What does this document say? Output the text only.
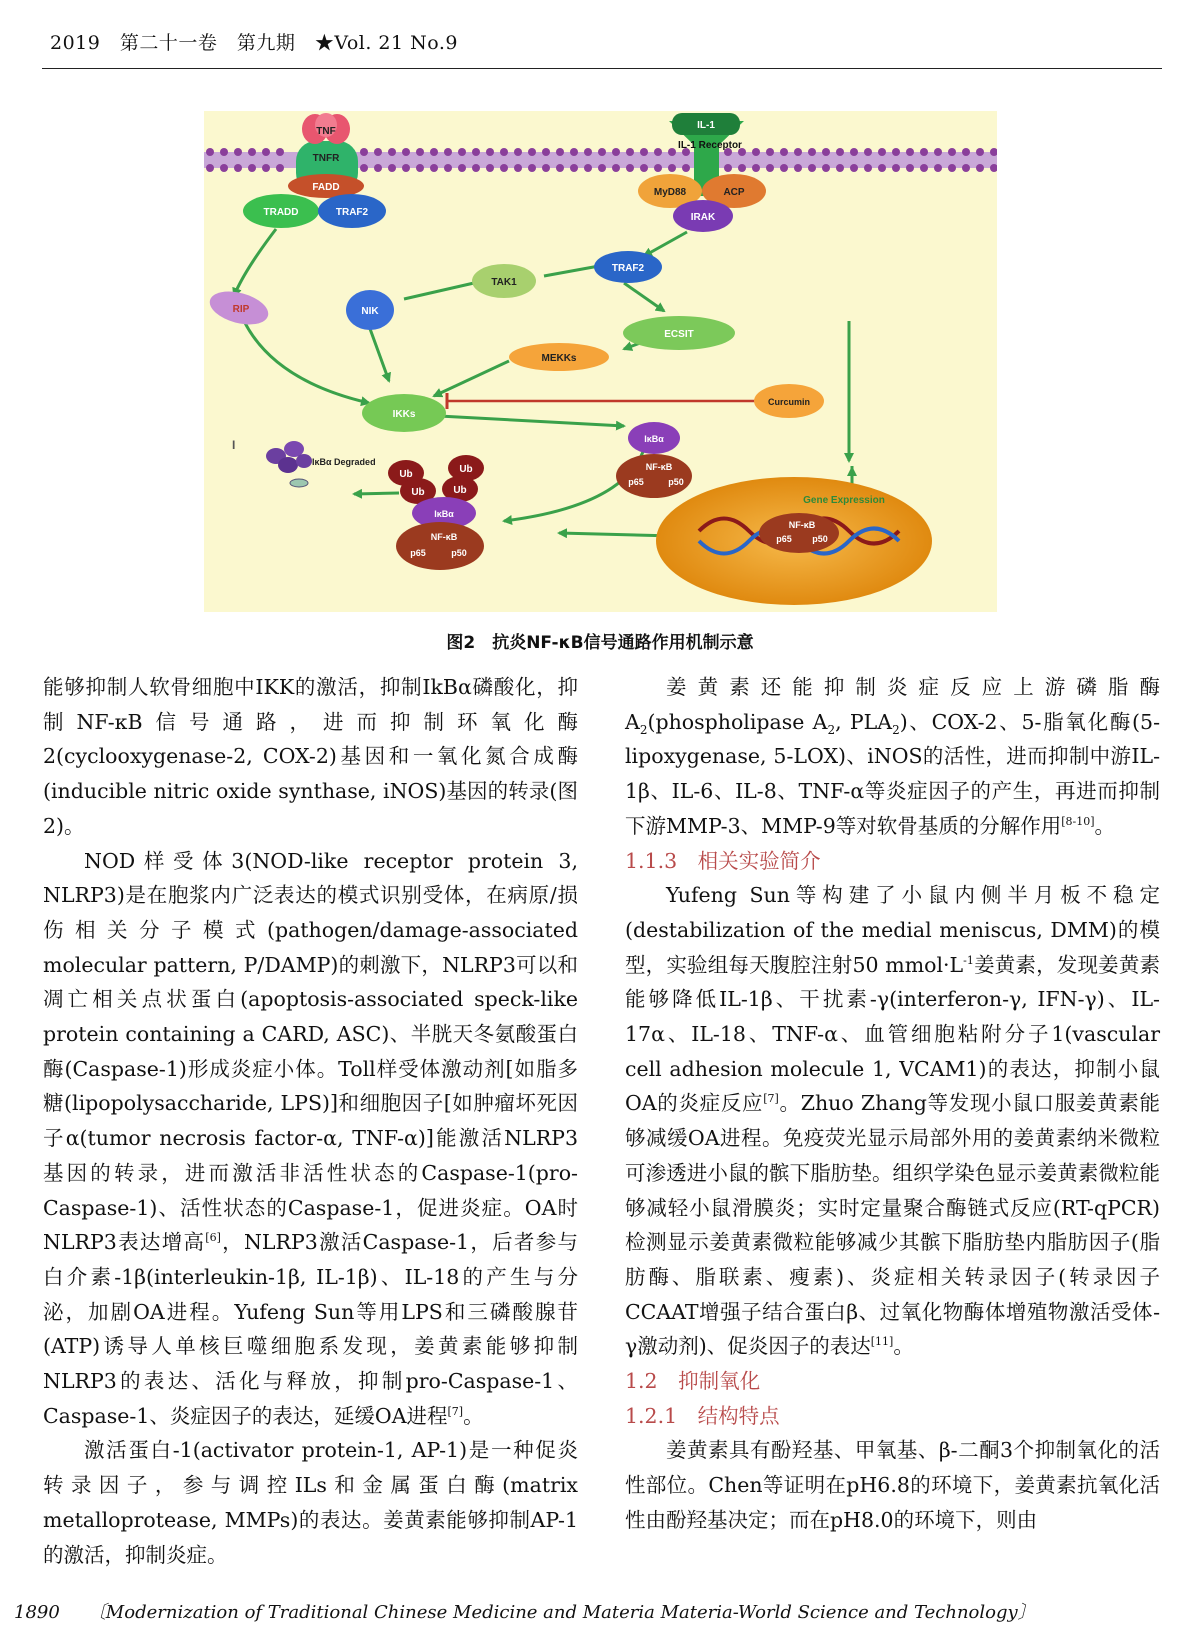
2019　第二十一卷　第九期　★Vol. 21 No.9
TNF
TNFR
FADD
TRADD	TRAF2
IL-1
IL-1 Receptor
MyD88	ACP
IRAK
RIP
TAK1
TRAF2
NIK
ECSIT
MEKKs
IKKs
Curcumin
I	IκBα
NF-κB
p65	p50
IκBα Degraded
Ub	Ub
Ub	Ub
IκBα
NF-κB
p65	p50
Gene Expression
NF-κB
p65 p50
图2　抗炎NF-κB信号通路作用机制示意

能够抑制人软骨细胞中IKK的激活，抑制IkBα磷酸化，抑制NF-κB信号通路，进而抑制环氧化酶2(cyclooxygenase-2, COX-2)基因和一氧化氮合成酶(inducible nitric oxide synthase, iNOS)基因的转录(图2)。

NOD样受体3(NOD-like receptor protein 3, NLRP3)是在胞浆内广泛表达的模式识别受体，在病原/损伤相关分子模式(pathogen/damage-associated molecular pattern, P/DAMP)的刺激下，NLRP3可以和凋亡相关点状蛋白(apoptosis-associated speck-like protein containing a CARD, ASC)、半胱天冬氨酸蛋白酶(Caspase-1)形成炎症小体。Toll样受体激动剂[如脂多糖(lipopolysaccharide, LPS)]和细胞因子[如肿瘤坏死因子α(tumor necrosis factor-α, TNF-α)]能激活NLRP3基因的转录，进而激活非活性状态的Caspase-1(pro-Caspase-1)、活性状态的Caspase-1，促进炎症。OA时NLRP3表达增高[6]，NLRP3激活Caspase-1，后者参与白介素-1β(interleukin-1β, IL-1β)、IL-18的产生与分泌，加剧OA进程。Yufeng Sun等用LPS和三磷酸腺苷(ATP)诱导人单核巨噬细胞系发现，姜黄素能够抑制NLRP3的表达、活化与释放，抑制pro-Caspase-1、Caspase-1、炎症因子的表达，延缓OA进程[7]。

激活蛋白-1(activator protein-1, AP-1)是一种促炎转录因子，参与调控ILs和金属蛋白酶(matrix metalloprotease, MMPs)的表达。姜黄素能够抑制AP-1的激活，抑制炎症。

姜黄素还能抑制炎症反应上游磷脂酶$A_2(phospholipase$ $A_2$, $PLA_2$)、COX-2、5-脂氧化酶(5-lipoxygenase, 5-LOX)、iNOS的活性，进而抑制中游IL-1β、IL-6、IL-8、TNF-α等炎症因子的产生，再进而抑制下游MMP-3、MMP-9等对软骨基质的分解作用[8-10]。

1.1.3　相关实验简介

Yufeng Sun等构建了小鼠内侧半月板不稳定(destabilization of the medial meniscus, DMM)的模型，实验组每天腹腔注射50 $mmol\cdot L^{-1}$姜黄素，发现姜黄素能够降低IL-1β、干扰素-γ(interferon-γ, IFN-γ)、IL-17α、IL-18、TNF-α、血管细胞粘附分子1(vascular cell adhesion molecule 1, VCAM1)的表达，抑制小鼠OA的炎症反应[7]。Zhuo Zhang等发现小鼠口服姜黄素能够减缓OA进程。免疫荧光显示局部外用的姜黄素纳米微粒可渗透进小鼠的髌下脂肪垫。组织学染色显示姜黄素微粒能够减轻小鼠滑膜炎；实时定量聚合酶链式反应(RT-qPCR)检测显示姜黄素微粒能够减少其髌下脂肪垫内脂肪因子(脂肪酶、脂联素、瘦素)、炎症相关转录因子(转录因子CCAAT增强子结合蛋白β、过氧化物酶体增殖物激活受体-γ激动剂)、促炎因子的表达[11]。

1.2　抑制氧化

1.2.1　结构特点

姜黄素具有酚羟基、甲氧基、β-二酮3个抑制氧化的活性部位。Chen等证明在pH6.8的环境下，姜黄素抗氧化活性由酚羟基决定；而在pH8.0的环境下，则由

1890 〔Modernization of Traditional Chinese Medicine and Materia Materia-World Science and Technology〕
